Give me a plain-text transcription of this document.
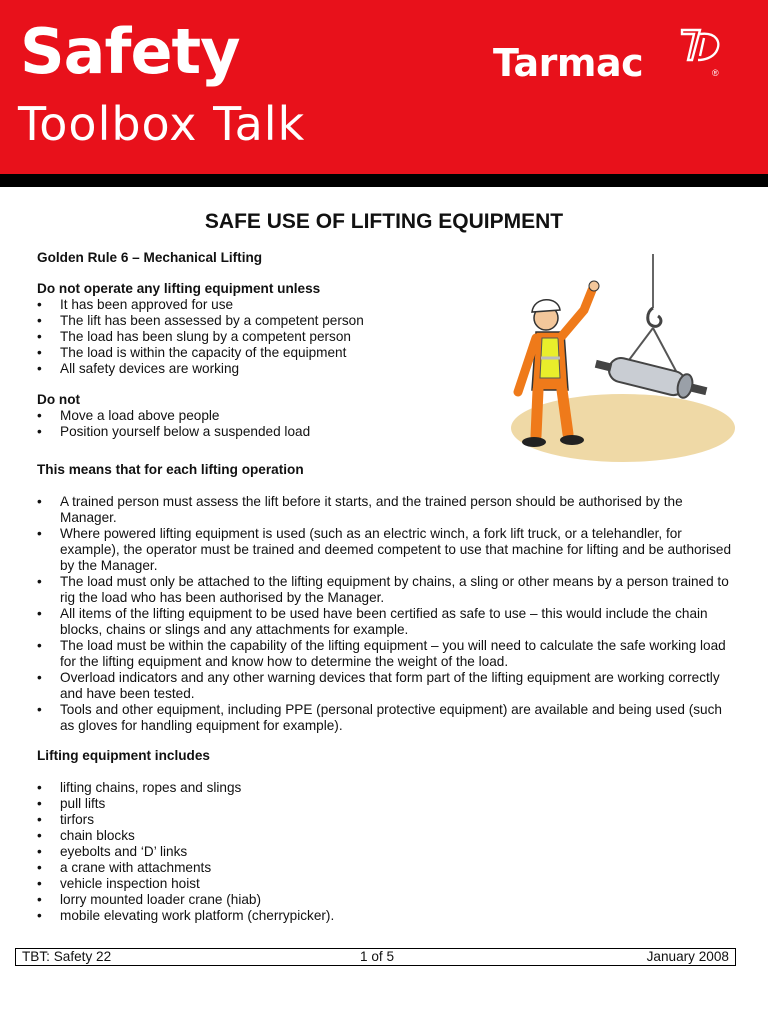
Safety
Toolbox Talk
Tarmac	®
SAFE USE OF LIFTING EQUIPMENT

Golden Rule 6 – Mechanical Lifting

Do not operate any lifting equipment unless

• It has been approved for use
• The lift has been assessed by a competent person
• The load has been slung by a competent person
• The load is within the capacity of the equipment
• All safety devices are working

Do not

• Move a load above people
• Position yourself below a suspended load

This means that for each lifting operation

• A trained person must assess the lift before it starts, and the trained person should be authorised by the Manager.
• Where powered lifting equipment is used (such as an electric winch, a fork lift truck, or a telehandler, for example), the operator must be trained and deemed competent to use that machine for lifting and be authorised by the Manager.
• The load must only be attached to the lifting equipment by chains, a sling or other means by a person trained to rig the load who has been authorised by the Manager.
• All items of the lifting equipment to be used have been certified as safe to use – this would include the chain blocks, chains or slings and any attachments for example.
• The load must be within the capability of the lifting equipment – you will need to calculate the safe working load for the lifting equipment and know how to determine the weight of the load.
• Overload indicators and any other warning devices that form part of the lifting equipment are working correctly and have been tested.
• Tools and other equipment, including PPE (personal protective equipment) are available and being used (such as gloves for handling equipment for example).

Lifting equipment includes

• lifting chains, ropes and slings
• pull lifts
• tirfors
• chain blocks
• eyebolts and ‘D’ links
• a crane with attachments
• vehicle inspection hoist
• lorry mounted loader crane (hiab)
• mobile elevating work platform (cherrypicker).
TBT: Safety 22	1 of 5	January 2008
